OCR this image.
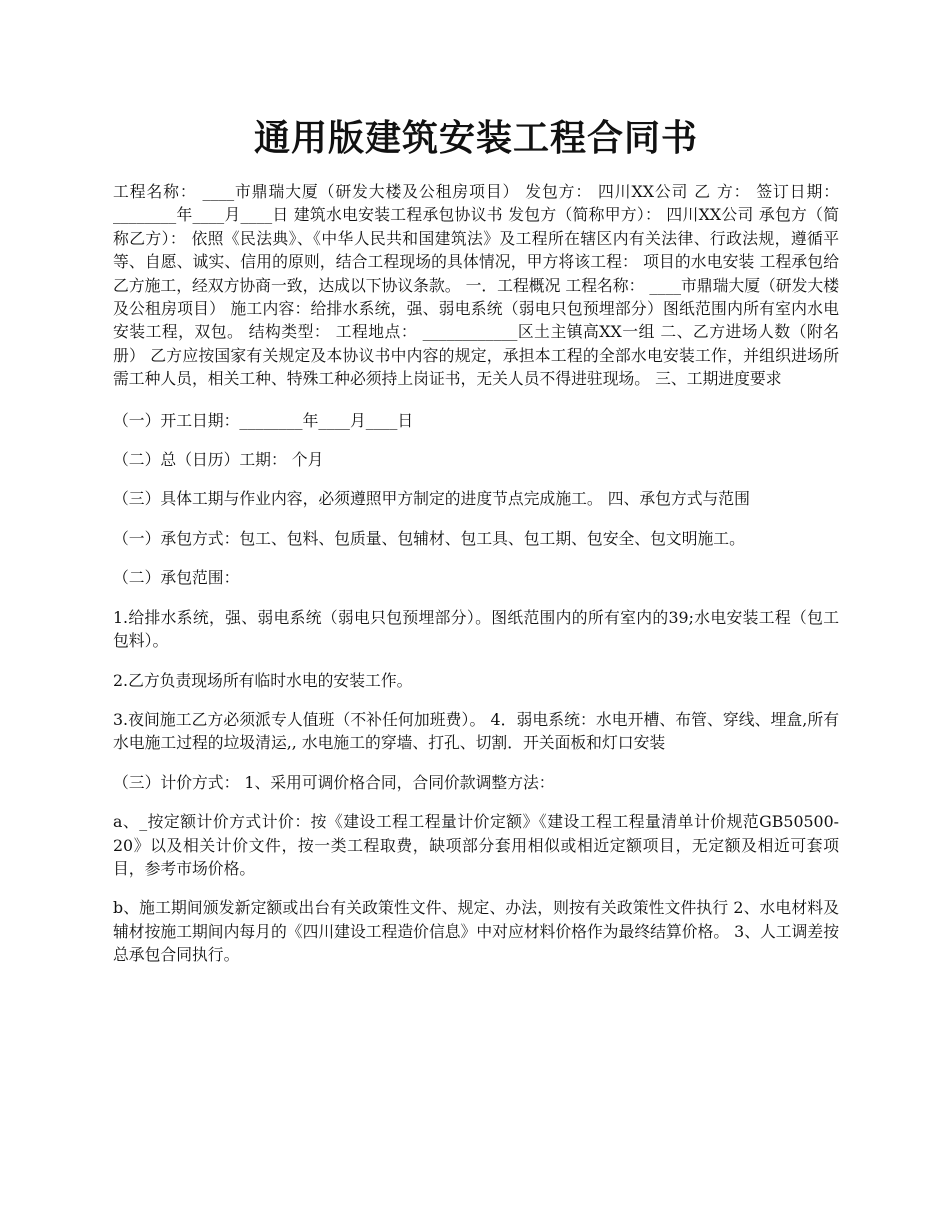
通用版建筑安装工程合同书

工程名称： ____市鼎瑞大厦（研发大楼及公租房项目） 发包方： 四川XX公司 乙 方： 签订日期：________年____月____日 建筑水电安装工程承包协议书 发包方（简称甲方）： 四川XX公司 承包方（简称乙方）： 依照《民法典》、《中华人民共和国建筑法》及工程所在辖区内有关法律、行政法规，遵循平等、自愿、诚实、信用的原则，结合工程现场的具体情况，甲方将该工程： 项目的水电安装 工程承包给乙方施工，经双方协商一致，达成以下协议条款。 一．工程概况 工程名称： ____市鼎瑞大厦（研发大楼及公租房项目） 施工内容：给排水系统，强、弱电系统（弱电只包预埋部分）图纸范围内所有室内水电安装工程，双包。 结构类型： 工程地点： ____________区土主镇高XX一组 二、乙方进场人数（附名册） 乙方应按国家有关规定及本协议书中内容的规定，承担本工程的全部水电安装工作，并组织进场所需工种人员，相关工种、特殊工种必须持上岗证书，无关人员不得进驻现场。 三、工期进度要求

（一）开工日期：________年____月____日

（二）总（日历）工期： 个月

（三）具体工期与作业内容，必须遵照甲方制定的进度节点完成施工。 四、承包方式与范围

（一）承包方式：包工、包料、包质量、包辅材、包工具、包工期、包安全、包文明施工。

（二）承包范围：

1.给排水系统，强、弱电系统（弱电只包预埋部分）。图纸范围内的所有室内的39;水电安装工程（包工包料）。

2.乙方负责现场所有临时水电的安装工作。

3.夜间施工乙方必须派专人值班（不补任何加班费）。 4．弱电系统：水电开槽、布管、穿线、埋盒,所有水电施工过程的垃圾清运,, 水电施工的穿墙、打孔、切割．开关面板和灯口安装

（三）计价方式： 1、采用可调价格合同，合同价款调整方法：

a、_按定额计价方式计价：按《建设工程工程量计价定额》《建设工程工程量清单计价规范GB50500-20》以及相关计价文件，按一类工程取费，缺项部分套用相似或相近定额项目，无定额及相近可套项目，参考市场价格。

b、施工期间颁发新定额或出台有关政策性文件、规定、办法，则按有关政策性文件执行 2、水电材料及辅材按施工期间内每月的《四川建设工程造价信息》中对应材料价格作为最终结算价格。 3、人工调差按总承包合同执行。
